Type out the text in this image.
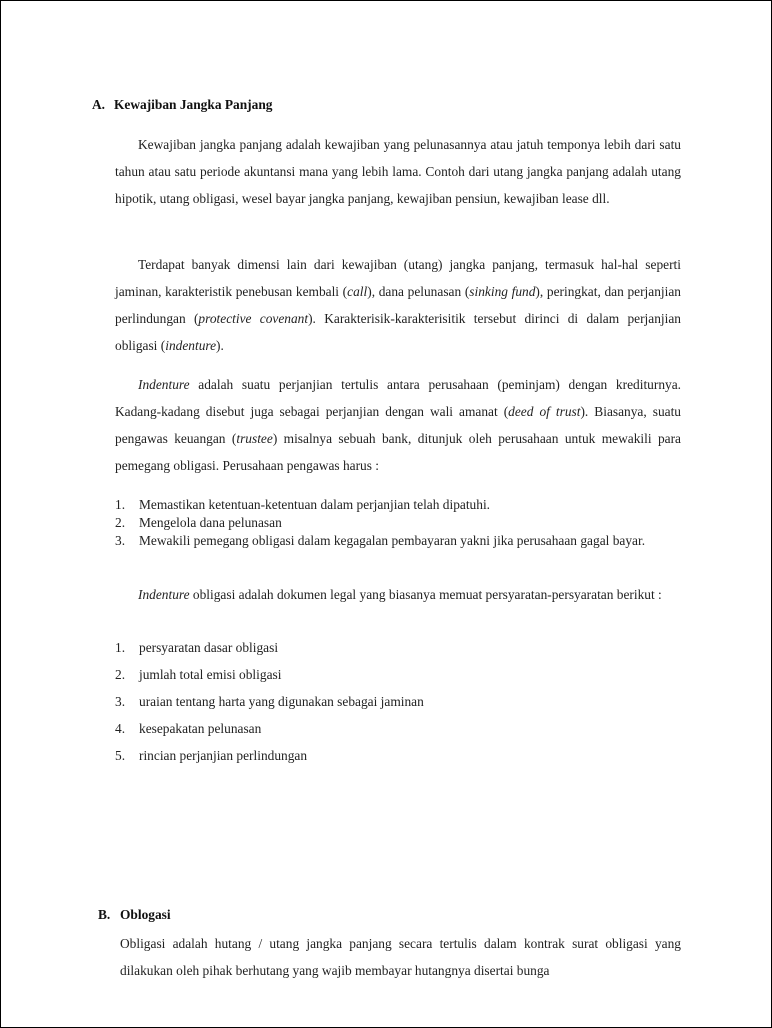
A. Kewajiban Jangka Panjang

Kewajiban jangka panjang adalah kewajiban yang pelunasannya atau jatuh temponya lebih dari satu tahun atau satu periode akuntansi mana yang lebih lama. Contoh dari utang jangka panjang adalah utang hipotik, utang obligasi, wesel bayar jangka panjang, kewajiban pensiun, kewajiban lease dll.

Terdapat banyak dimensi lain dari kewajiban (utang) jangka panjang, termasuk hal-hal seperti jaminan, karakteristik penebusan kembali (call), dana pelunasan (sinking fund), peringkat, dan perjanjian perlindungan (protective covenant). Karakterisik-karakterisitik tersebut dirinci di dalam perjanjian obligasi (indenture).

Indenture adalah suatu perjanjian tertulis antara perusahaan (peminjam) dengan krediturnya. Kadang-kadang disebut juga sebagai perjanjian dengan wali amanat (deed of trust). Biasanya, suatu pengawas keuangan (trustee) misalnya sebuah bank, ditunjuk oleh perusahaan untuk mewakili para pemegang obligasi. Perusahaan pengawas harus :

1. Memastikan ketentuan-ketentuan dalam perjanjian telah dipatuhi.
2. Mengelola dana pelunasan
3. Mewakili pemegang obligasi dalam kegagalan pembayaran yakni jika perusahaan gagal bayar.

Indenture obligasi adalah dokumen legal yang biasanya memuat persyaratan-persyaratan berikut :

1. persyaratan dasar obligasi
2. jumlah total emisi obligasi
3. uraian tentang harta yang digunakan sebagai jaminan
4. kesepakatan pelunasan
5. rincian perjanjian perlindungan
B. Oblogasi

Obligasi adalah hutang / utang jangka panjang secara tertulis dalam kontrak surat obligasi yang dilakukan oleh pihak berhutang yang wajib membayar hutangnya disertai bunga
